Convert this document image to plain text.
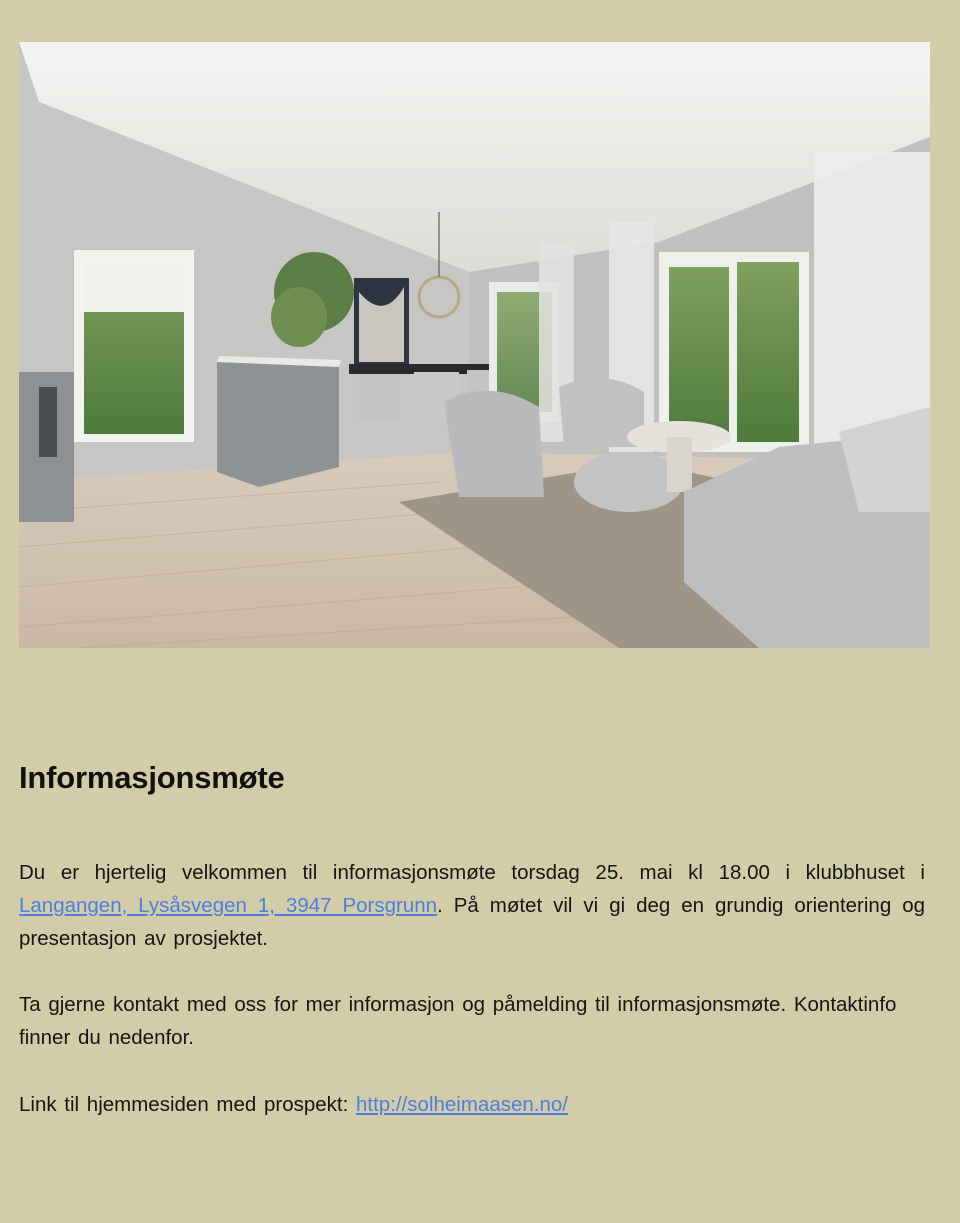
Informasjonsmøte

Du er hjertelig velkommen til informasjonsmøte torsdag 25. mai kl 18.00 i klubbhuset i Langangen, Lysåsvegen 1, 3947 Porsgrunn. På møtet vil vi gi deg en grundig orientering og presentasjon av prosjektet.

Ta gjerne kontakt med oss for mer informasjon og påmelding til informasjonsmøte. Kontaktinfo finner du nedenfor.

Link til hjemmesiden med prospekt: http://solheimaasen.no/
